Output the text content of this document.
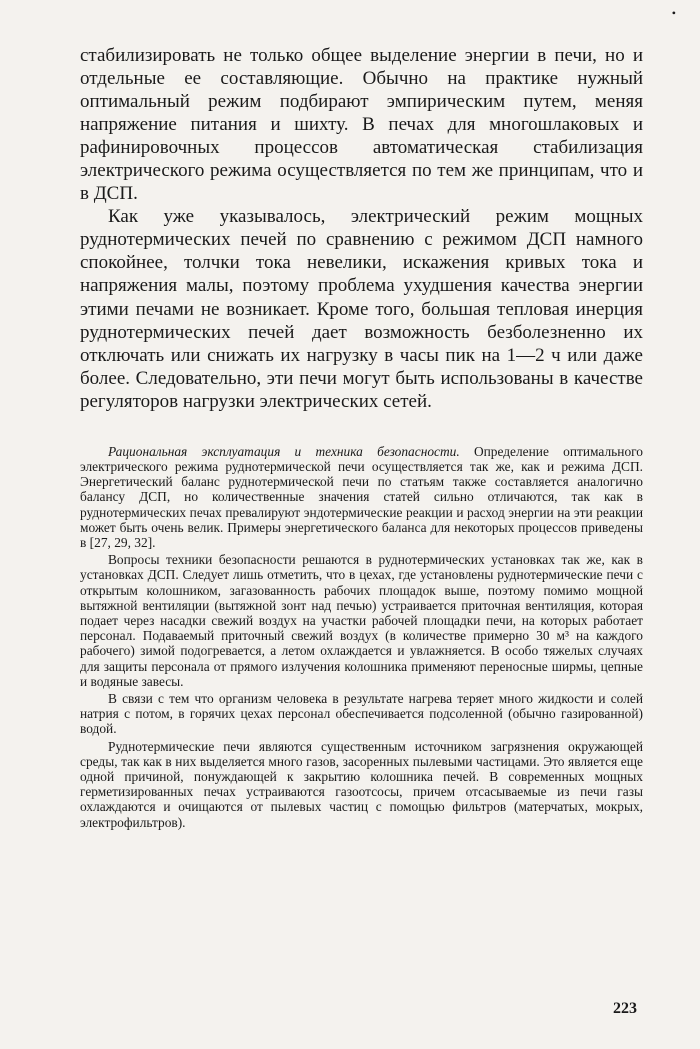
•

стабилизировать не только общее выделение энергии в печи, но и отдельные ее составляющие. Обычно на практике нужный оптимальный режим подбирают эмпирическим путем, меняя напряжение питания и шихту. В печах для многошлаковых и рафинировочных процессов автоматическая стабилизация электрического режима осуществляется по тем же принципам, что и в ДСП.

Как уже указывалось, электрический режим мощных руднотермических печей по сравнению с режимом ДСП намного спокойнее, толчки тока невелики, искажения кривых тока и напряжения малы, поэтому проблема ухудшения качества энергии этими печами не возникает. Кроме того, большая тепловая инерция руднотермических печей дает возможность безболезненно их отключать или снижать их нагрузку в часы пик на 1—2 ч или даже более. Следовательно, эти печи могут быть использованы в качестве регуляторов нагрузки электрических сетей.

Рациональная эксплуатация и техника безопасности. Определение оптимального электрического режима руднотермической печи осуществляется так же, как и режима ДСП. Энергетический баланс руднотермической печи по статьям также составляется аналогично балансу ДСП, но количественные значения статей сильно отличаются, так как в руднотермических печах превалируют эндотермические реакции и расход энергии на эти реакции может быть очень велик. Примеры энергетического баланса для некоторых процессов приведены в [27, 29, 32].

Вопросы техники безопасности решаются в руднотермических установках так же, как в установках ДСП. Следует лишь отметить, что в цехах, где установлены руднотермические печи с открытым колошником, загазованность рабочих площадок выше, поэтому помимо мощной вытяжной вентиляции (вытяжной зонт над печью) устраивается приточная вентиляция, которая подает через насадки свежий воздух на участки рабочей площадки печи, на которых работает персонал. Подаваемый приточный свежий воздух (в количестве примерно 30 м³ на каждого рабочего) зимой подогревается, а летом охлаждается и увлажняется. В особо тяжелых случаях для защиты персонала от прямого излучения колошника применяют переносные ширмы, цепные и водяные завесы.

В связи с тем что организм человека в результате нагрева теряет много жидкости и солей натрия с потом, в горячих цехах персонал обеспечивается подсоленной (обычно газированной) водой.

Руднотермические печи являются существенным источником загрязнения окружающей среды, так как в них выделяется много газов, засоренных пылевыми частицами. Это является еще одной причиной, понуждающей к закрытию колошника печей. В современных мощных герметизированных печах устраиваются газоотсосы, причем отсасываемые из печи газы охлаждаются и очищаются от пылевых частиц с помощью фильтров (матерчатых, мокрых, электрофильтров).

223
